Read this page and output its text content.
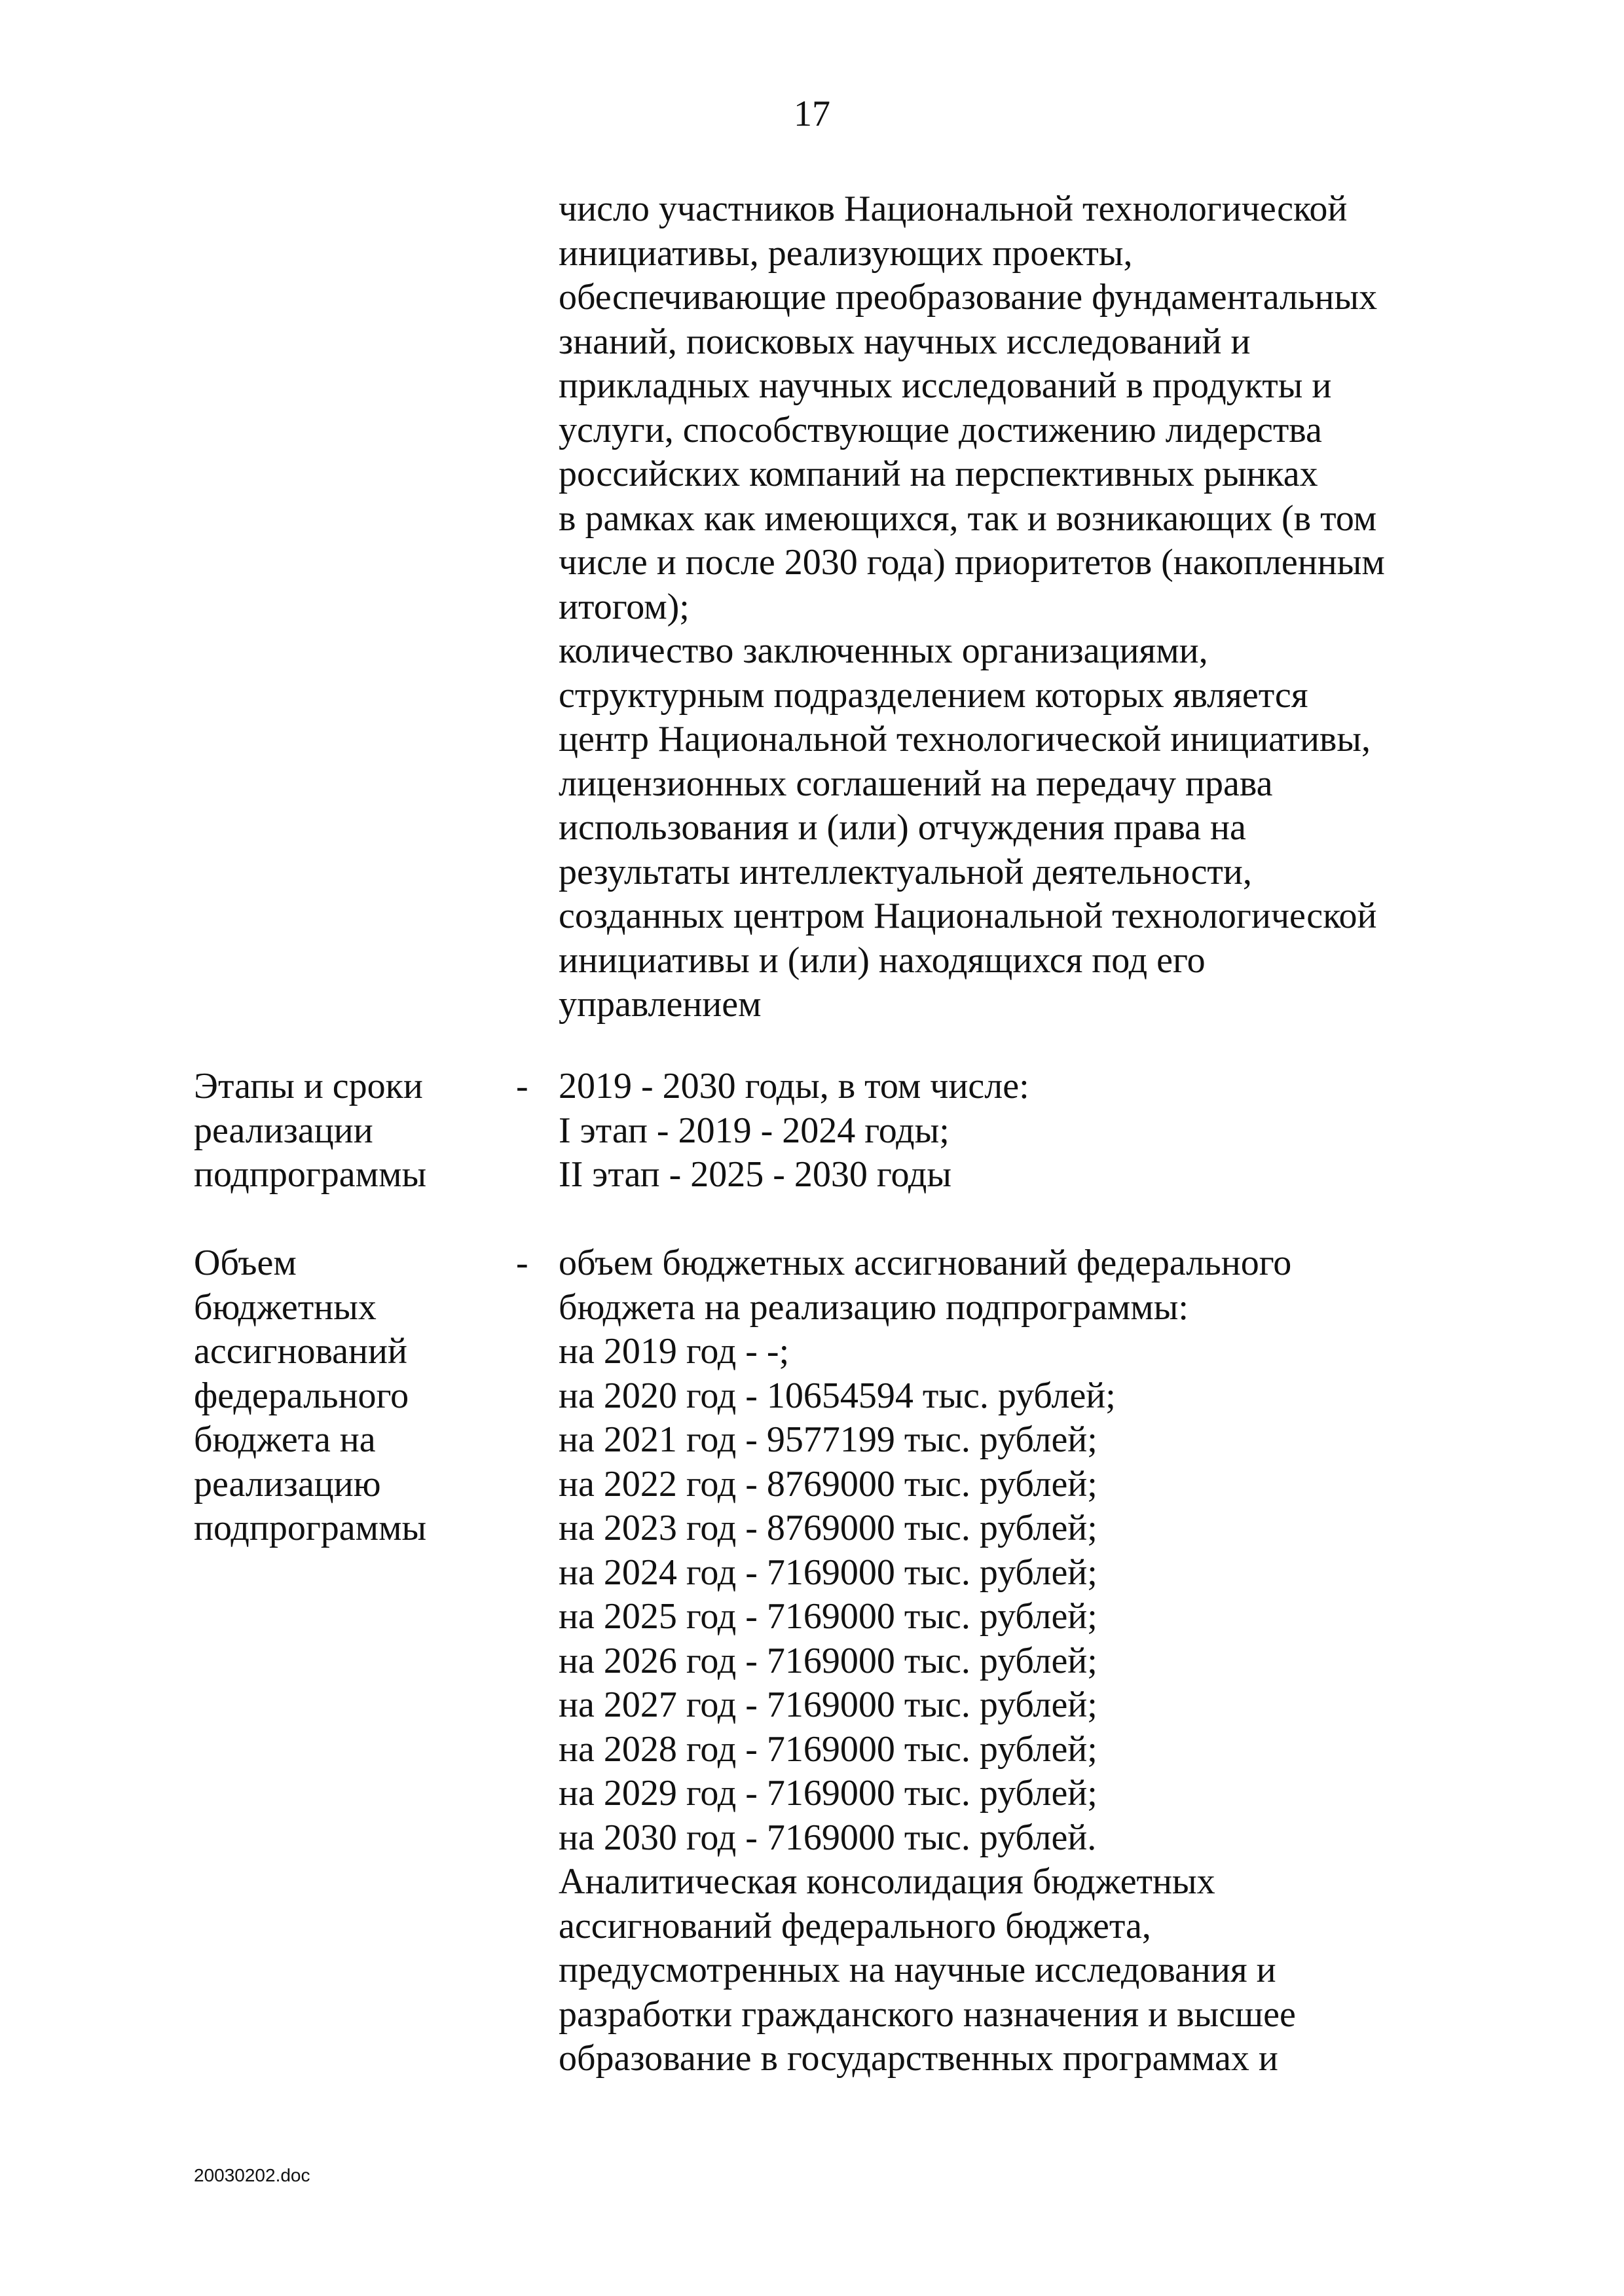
17
число участников Национальной технологической
инициативы, реализующих проекты,
обеспечивающие преобразование фундаментальных
знаний, поисковых научных исследований и
прикладных научных исследований в продукты и
услуги, способствующие достижению лидерства
российских компаний на перспективных рынках
в рамках как имеющихся, так и возникающих (в том
числе и после 2030 года) приоритетов (накопленным
итогом);
количество заключенных организациями,
структурным подразделением которых является
центр Национальной технологической инициативы,
лицензионных соглашений на передачу права
использования и (или) отчуждения права на
результаты интеллектуальной деятельности,
созданных центром Национальной технологической
инициативы и (или) находящихся под его
управлением
Этапы и сроки
реализации
подпрограммы
- 2019 - 2030 годы, в том числе:
I этап - 2019 - 2024 годы;
II этап - 2025 - 2030 годы
Объем
бюджетных
ассигнований
федерального
бюджета на
реализацию
подпрограммы
- объем бюджетных ассигнований федерального
бюджета на реализацию подпрограммы:
на 2019 год - -;
на 2020 год - 10654594 тыс. рублей;
на 2021 год - 9577199 тыс. рублей;
на 2022 год - 8769000 тыс. рублей;
на 2023 год - 8769000 тыс. рублей;
на 2024 год - 7169000 тыс. рублей;
на 2025 год - 7169000 тыс. рублей;
на 2026 год - 7169000 тыс. рублей;
на 2027 год - 7169000 тыс. рублей;
на 2028 год - 7169000 тыс. рублей;
на 2029 год - 7169000 тыс. рублей;
на 2030 год - 7169000 тыс. рублей.
Аналитическая консолидация бюджетных
ассигнований федерального бюджета,
предусмотренных на научные исследования и
разработки гражданского назначения и высшее
образование в государственных программах и
20030202.doc
